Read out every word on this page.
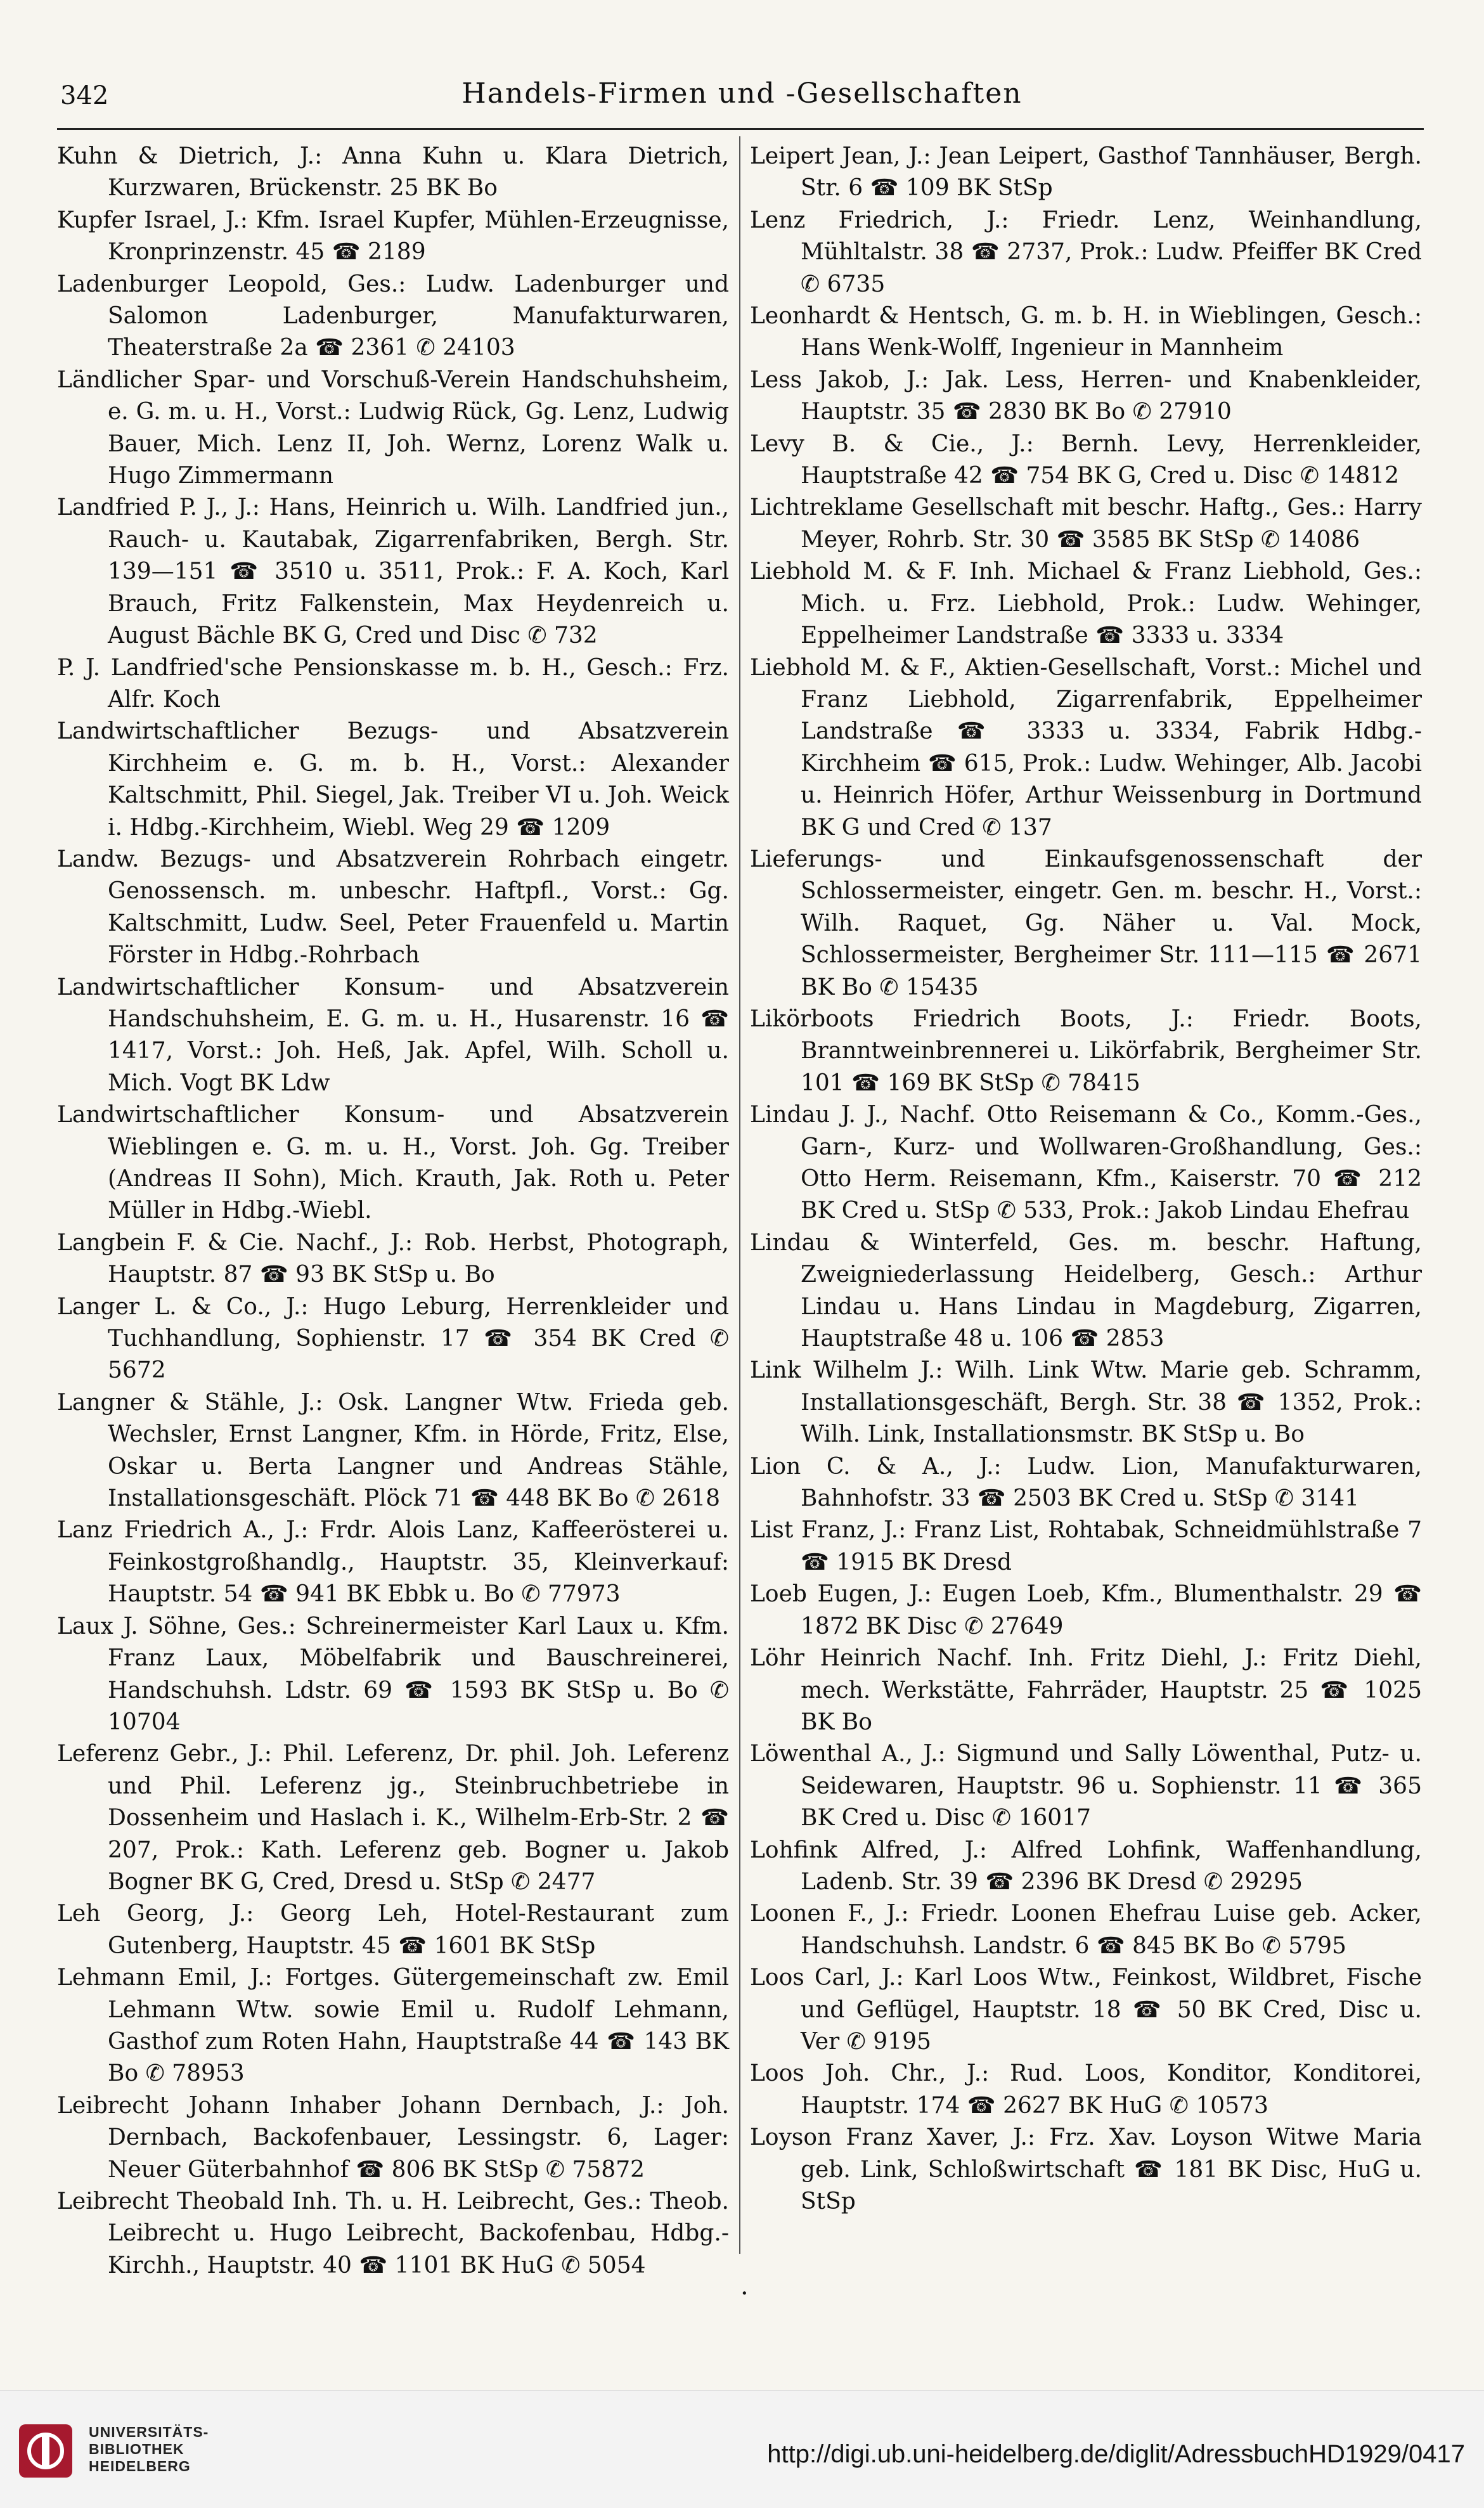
342	Handels-Firmen und -Gesellschaften

Kuhn & Dietrich, J.: Anna Kuhn u. Klara Dietrich, Kurzwaren, Brückenstr. 25 BK Bo

Kupfer Israel, J.: Kfm. Israel Kupfer, Mühlen-Erzeugnisse, Kronprinzenstr. 45 ☎ 2189

Ladenburger Leopold, Ges.: Ludw. Ladenburger und Salomon Ladenburger, Manufakturwaren, Theaterstraße 2a ☎ 2361 ✆ 24103

Ländlicher Spar- und Vorschuß-Verein Handschuhsheim, e. G. m. u. H., Vorst.: Ludwig Rück, Gg. Lenz, Ludwig Bauer, Mich. Lenz II, Joh. Wernz, Lorenz Walk u. Hugo Zimmermann

Landfried P. J., J.: Hans, Heinrich u. Wilh. Landfried jun., Rauch- u. Kautabak, Zigarrenfabriken, Bergh. Str. 139—151 ☎ 3510 u. 3511, Prok.: F. A. Koch, Karl Brauch, Fritz Falkenstein, Max Heydenreich u. August Bächle BK G, Cred und Disc ✆ 732

P. J. Landfried'sche Pensionskasse m. b. H., Gesch.: Frz. Alfr. Koch

Landwirtschaftlicher Bezugs- und Absatzverein Kirchheim e. G. m. b. H., Vorst.: Alexander Kaltschmitt, Phil. Siegel, Jak. Treiber VI u. Joh. Weick i. Hdbg.-Kirchheim, Wiebl. Weg 29 ☎ 1209

Landw. Bezugs- und Absatzverein Rohrbach eingetr. Genossensch. m. unbeschr. Haftpfl., Vorst.: Gg. Kaltschmitt, Ludw. Seel, Peter Frauenfeld u. Martin Förster in Hdbg.-Rohrbach

Landwirtschaftlicher Konsum- und Absatzverein Handschuhsheim, E. G. m. u. H., Husarenstr. 16 ☎ 1417, Vorst.: Joh. Heß, Jak. Apfel, Wilh. Scholl u. Mich. Vogt BK Ldw

Landwirtschaftlicher Konsum- und Absatzverein Wieblingen e. G. m. u. H., Vorst. Joh. Gg. Treiber (Andreas II Sohn), Mich. Krauth, Jak. Roth u. Peter Müller in Hdbg.-Wiebl.

Langbein F. & Cie. Nachf., J.: Rob. Herbst, Photograph, Hauptstr. 87 ☎ 93 BK StSp u. Bo

Langer L. & Co., J.: Hugo Leburg, Herrenkleider und Tuchhandlung, Sophienstr. 17 ☎ 354 BK Cred ✆ 5672

Langner & Stähle, J.: Osk. Langner Wtw. Frieda geb. Wechsler, Ernst Langner, Kfm. in Hörde, Fritz, Else, Oskar u. Berta Langner und Andreas Stähle, Installationsgeschäft. Plöck 71 ☎ 448 BK Bo ✆ 2618

Lanz Friedrich A., J.: Frdr. Alois Lanz, Kaffeerösterei u. Feinkostgroßhandlg., Hauptstr. 35, Kleinverkauf: Hauptstr. 54 ☎ 941 BK Ebbk u. Bo ✆ 77973

Laux J. Söhne, Ges.: Schreinermeister Karl Laux u. Kfm. Franz Laux, Möbelfabrik und Bauschreinerei, Handschuhsh. Ldstr. 69 ☎ 1593 BK StSp u. Bo ✆ 10704

Leferenz Gebr., J.: Phil. Leferenz, Dr. phil. Joh. Leferenz und Phil. Leferenz jg., Steinbruchbetriebe in Dossenheim und Haslach i. K., Wilhelm-Erb-Str. 2 ☎ 207, Prok.: Kath. Leferenz geb. Bogner u. Jakob Bogner BK G, Cred, Dresd u. StSp ✆ 2477

Leh Georg, J.: Georg Leh, Hotel-Restaurant zum Gutenberg, Hauptstr. 45 ☎ 1601 BK StSp

Lehmann Emil, J.: Fortges. Gütergemeinschaft zw. Emil Lehmann Wtw. sowie Emil u. Rudolf Lehmann, Gasthof zum Roten Hahn, Hauptstraße 44 ☎ 143 BK Bo ✆ 78953

Leibrecht Johann Inhaber Johann Dernbach, J.: Joh. Dernbach, Backofenbauer, Lessingstr. 6, Lager: Neuer Güterbahnhof ☎ 806 BK StSp ✆ 75872

Leibrecht Theobald Inh. Th. u. H. Leibrecht, Ges.: Theob. Leibrecht u. Hugo Leibrecht, Backofenbau, Hdbg.-Kirchh., Hauptstr. 40 ☎ 1101 BK HuG ✆ 5054

Leipert Jean, J.: Jean Leipert, Gasthof Tannhäuser, Bergh. Str. 6 ☎ 109 BK StSp

Lenz Friedrich, J.: Friedr. Lenz, Weinhandlung, Mühltalstr. 38 ☎ 2737, Prok.: Ludw. Pfeiffer BK Cred ✆ 6735

Leonhardt & Hentsch, G. m. b. H. in Wieblingen, Gesch.: Hans Wenk-Wolff, Ingenieur in Mannheim

Less Jakob, J.: Jak. Less, Herren- und Knabenkleider, Hauptstr. 35 ☎ 2830 BK Bo ✆ 27910

Levy B. & Cie., J.: Bernh. Levy, Herrenkleider, Hauptstraße 42 ☎ 754 BK G, Cred u. Disc ✆ 14812

Lichtreklame Gesellschaft mit beschr. Haftg., Ges.: Harry Meyer, Rohrb. Str. 30 ☎ 3585 BK StSp ✆ 14086

Liebhold M. & F. Inh. Michael & Franz Liebhold, Ges.: Mich. u. Frz. Liebhold, Prok.: Ludw. Wehinger, Eppelheimer Landstraße ☎ 3333 u. 3334

Liebhold M. & F., Aktien-Gesellschaft, Vorst.: Michel und Franz Liebhold, Zigarrenfabrik, Eppelheimer Landstraße ☎ 3333 u. 3334, Fabrik Hdbg.-Kirchheim ☎ 615, Prok.: Ludw. Wehinger, Alb. Jacobi u. Heinrich Höfer, Arthur Weissenburg in Dortmund BK G und Cred ✆ 137

Lieferungs- und Einkaufsgenossenschaft der Schlossermeister, eingetr. Gen. m. beschr. H., Vorst.: Wilh. Raquet, Gg. Näher u. Val. Mock, Schlossermeister, Bergheimer Str. 111—115 ☎ 2671 BK Bo ✆ 15435

Likörboots Friedrich Boots, J.: Friedr. Boots, Branntweinbrennerei u. Likörfabrik, Bergheimer Str. 101 ☎ 169 BK StSp ✆ 78415

Lindau J. J., Nachf. Otto Reisemann & Co., Komm.-Ges., Garn-, Kurz- und Wollwaren-Großhandlung, Ges.: Otto Herm. Reisemann, Kfm., Kaiserstr. 70 ☎ 212 BK Cred u. StSp ✆ 533, Prok.: Jakob Lindau Ehefrau

Lindau & Winterfeld, Ges. m. beschr. Haftung, Zweigniederlassung Heidelberg, Gesch.: Arthur Lindau u. Hans Lindau in Magdeburg, Zigarren, Hauptstraße 48 u. 106 ☎ 2853

Link Wilhelm J.: Wilh. Link Wtw. Marie geb. Schramm, Installationsgeschäft, Bergh. Str. 38 ☎ 1352, Prok.: Wilh. Link, Installationsmstr. BK StSp u. Bo

Lion C. & A., J.: Ludw. Lion, Manufakturwaren, Bahnhofstr. 33 ☎ 2503 BK Cred u. StSp ✆ 3141

List Franz, J.: Franz List, Rohtabak, Schneidmühlstraße 7 ☎ 1915 BK Dresd

Loeb Eugen, J.: Eugen Loeb, Kfm., Blumenthalstr. 29 ☎ 1872 BK Disc ✆ 27649

Löhr Heinrich Nachf. Inh. Fritz Diehl, J.: Fritz Diehl, mech. Werkstätte, Fahrräder, Hauptstr. 25 ☎ 1025 BK Bo

Löwenthal A., J.: Sigmund und Sally Löwenthal, Putz- u. Seidewaren, Hauptstr. 96 u. Sophienstr. 11 ☎ 365 BK Cred u. Disc ✆ 16017

Lohfink Alfred, J.: Alfred Lohfink, Waffenhandlung, Ladenb. Str. 39 ☎ 2396 BK Dresd ✆ 29295

Loonen F., J.: Friedr. Loonen Ehefrau Luise geb. Acker, Handschuhsh. Landstr. 6 ☎ 845 BK Bo ✆ 5795

Loos Carl, J.: Karl Loos Wtw., Feinkost, Wildbret, Fische und Geflügel, Hauptstr. 18 ☎ 50 BK Cred, Disc u. Ver ✆ 9195

Loos Joh. Chr., J.: Rud. Loos, Konditor, Konditorei, Hauptstr. 174 ☎ 2627 BK HuG ✆ 10573

Loyson Franz Xaver, J.: Frz. Xav. Loyson Witwe Maria geb. Link, Schloßwirtschaft ☎ 181 BK Disc, HuG u. StSp

·
UNIVERSITÄTS-
BIBLIOTHEK
HEIDELBERG	http://digi.ub.uni-heidelberg.de/diglit/AdressbuchHD1929/0417
